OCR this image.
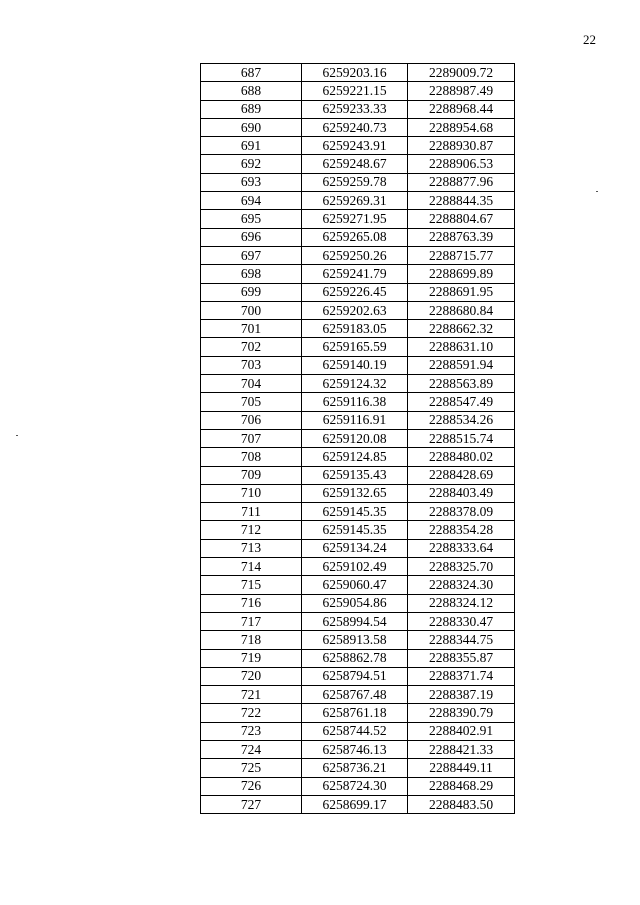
22
687	6259203.16	2289009.72
688	6259221.15	2288987.49
689	6259233.33	2288968.44
690	6259240.73	2288954.68
691	6259243.91	2288930.87
692	6259248.67	2288906.53
693	6259259.78	2288877.96
694	6259269.31	2288844.35
695	6259271.95	2288804.67
696	6259265.08	2288763.39
697	6259250.26	2288715.77
698	6259241.79	2288699.89
699	6259226.45	2288691.95
700	6259202.63	2288680.84
701	6259183.05	2288662.32
702	6259165.59	2288631.10
703	6259140.19	2288591.94
704	6259124.32	2288563.89
705	6259116.38	2288547.49
706	6259116.91	2288534.26
707	6259120.08	2288515.74
708	6259124.85	2288480.02
709	6259135.43	2288428.69
710	6259132.65	2288403.49
711	6259145.35	2288378.09
712	6259145.35	2288354.28
713	6259134.24	2288333.64
714	6259102.49	2288325.70
715	6259060.47	2288324.30
716	6259054.86	2288324.12
717	6258994.54	2288330.47
718	6258913.58	2288344.75
719	6258862.78	2288355.87
720	6258794.51	2288371.74
721	6258767.48	2288387.19
722	6258761.18	2288390.79
723	6258744.52	2288402.91
724	6258746.13	2288421.33
725	6258736.21	2288449.11
726	6258724.30	2288468.29
727	6258699.17	2288483.50
